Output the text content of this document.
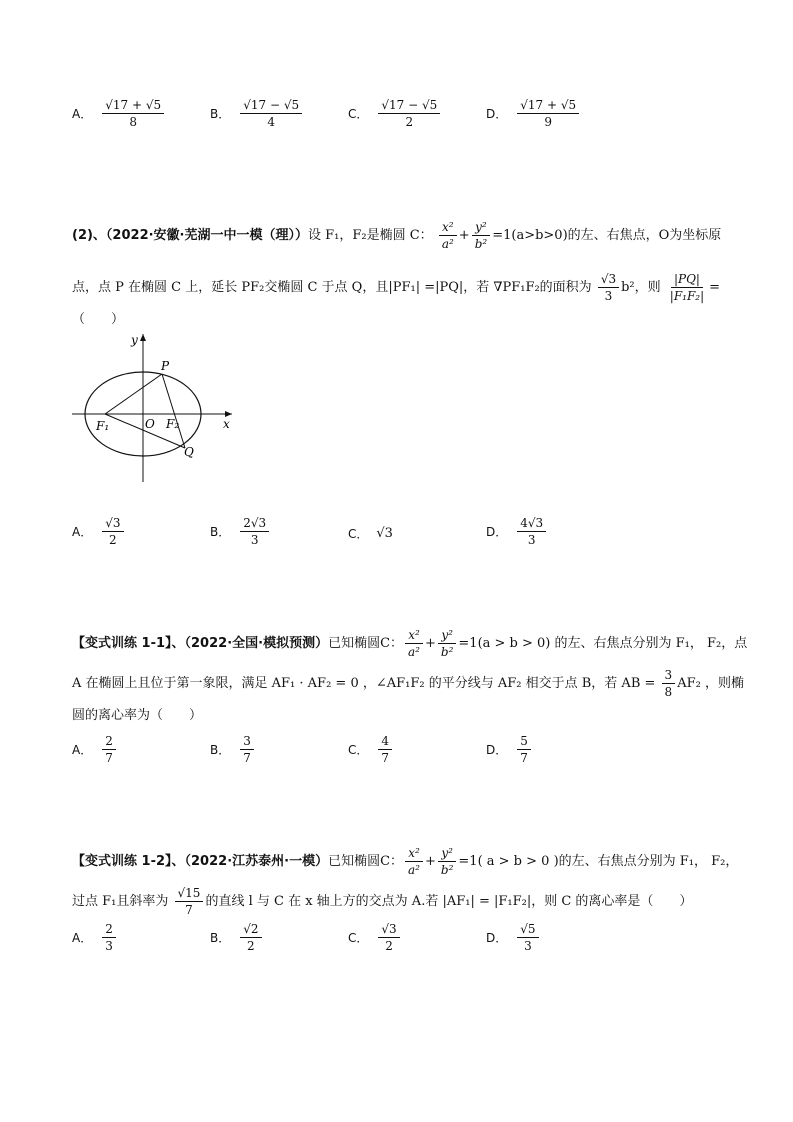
A． $\frac{√17 + √5}{8}$	B． $\frac{√17 - √5}{4}$	C． $\frac{√17 - √5}{2}$	D． $\frac{√17 + √5}{9}$
(2)、（2022·安徽·芜湖一中一模（理））设 F₁，F₂是椭圆 C： $\frac{\text{x²}}{\text{a²}} + \frac{\text{y²}}{\text{b²}} =1(a>b>0)$的左、右焦点，O为坐标原
点，点 P 在椭圆 C 上，延长 PF₂交椭圆 C 于点 Q，且|PF₁| =|PQ|，若 ∇PF₁F₂的面积为 $\frac{√3}{3} b^2$，则 $\frac{|PQ|}{\text{|F₁F₂|}}$ =
（　　）
y
x
P
F₁	O F₂
Q
A． $\frac{√3}{2}$	B． $\frac{2√3}{3}$	C． √3	D． $\frac{4√3}{3}$
【变式训练 1-1】、（2022·全国·模拟预测）已知椭圆C： $\frac{\text{x²}}{\text{a²}} + \frac{\text{y²}}{\text{b²}} =1(a > b > 0)$ 的左、右焦点分别为 F₁， F₂，点
A 在椭圆上且位于第一象限，满足 AF₁ · AF₂ = 0 ，∠AF₁F₂ 的平分线与 AF₂ 相交于点 B，若 AB = $\frac{3}{8} AF_2$ ，则椭
圆的离心率为（　　）
A． $\frac{2}{7}$	B． $\frac{3}{7}$	C． $\frac{4}{7}$	D． $\frac{5}{7}$
【变式训练 1-2】、（2022·江苏泰州·一模）已知椭圆C： $\frac{\text{x²}}{\text{a²}} + \frac{\text{y²}}{\text{b²}} =1$( a > b > 0 )的左、右焦点分别为 F₁， F₂，
过点 F₁且斜率为 $\frac{√15}{7}$ 的直线 l 与 C 在 x 轴上方的交点为 A.若 |AF₁| = |F₁F₂|，则 C 的离心率是（　　）
A． $\frac{2}{3}$	B． $\frac{√2}{2}$	C． $\frac{√3}{2}$	D． $\frac{√5}{3}$
